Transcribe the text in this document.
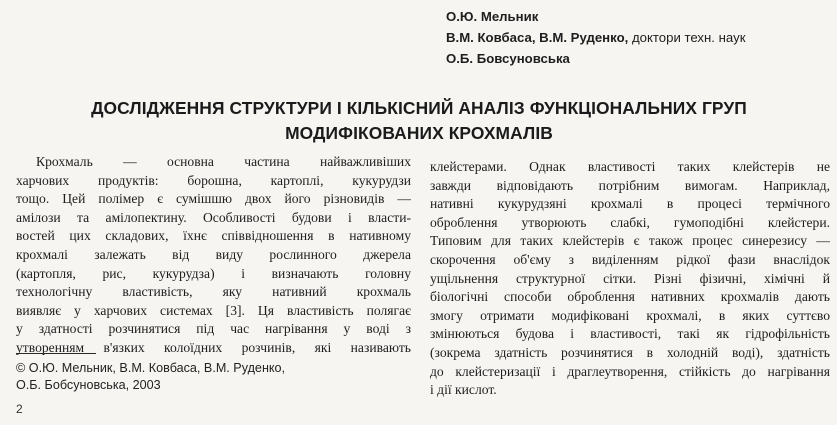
О.Ю. Мельник
В.М. Ковбаса, В.М. Руденко, доктори техн. наук
О.Б. Бовсуновська
ДОСЛІДЖЕННЯ СТРУКТУРИ І КІЛЬКІСНИЙ АНАЛІЗ ФУНКЦІОНАЛЬНИХ ГРУП
МОДИФІКОВАНИХ КРОХМАЛІВ
Крохмаль — основна частина найважливіших
харчових продуктів: борошна, картоплі, кукурудзи
тощо. Цей полімер є сумішшю двох його різновидів —
амілози та амілопектину. Особливості будови і власти-
востей цих складових, їхнє співвідношення в нативному
крохмалі залежать від виду рослинного джерела
(картопля, рис, кукурудза) і визначають головну
технологічну властивість, яку нативний крохмаль
виявляє у харчових системах [3]. Ця властивість полягає
у здатності розчинятися під час нагрівання у воді з
утворенням в'язких колоїдних розчинів, які називають
клейстерами. Однак властивості таких клейстерів не
завжди відповідають потрібним вимогам. Наприклад,
нативні кукурудзяні крохмалі в процесі термічного
оброблення утворюють слабкі, гумоподібні клейстери.
Типовим для таких клейстерів є також процес синерезису —
скорочення об'єму з виділенням рідкої фази внаслідок
ущільнення структурної сітки. Різні фізичні, хімічні й
біологічні способи оброблення нативних крохмалів дають
змогу отримати модифіковані крохмалі, в яких суттєво
змінюються будова і властивості, такі як гідрофільність
(зокрема здатність розчинятися в холодній воді), здатність
до клейстеризації і драглеутворення, стійкість до нагрівання
і дії кислот.
© О.Ю. Мельник, В.М. Ковбаса, В.М. Руденко,
О.Б. Бобсуновська, 2003
2
